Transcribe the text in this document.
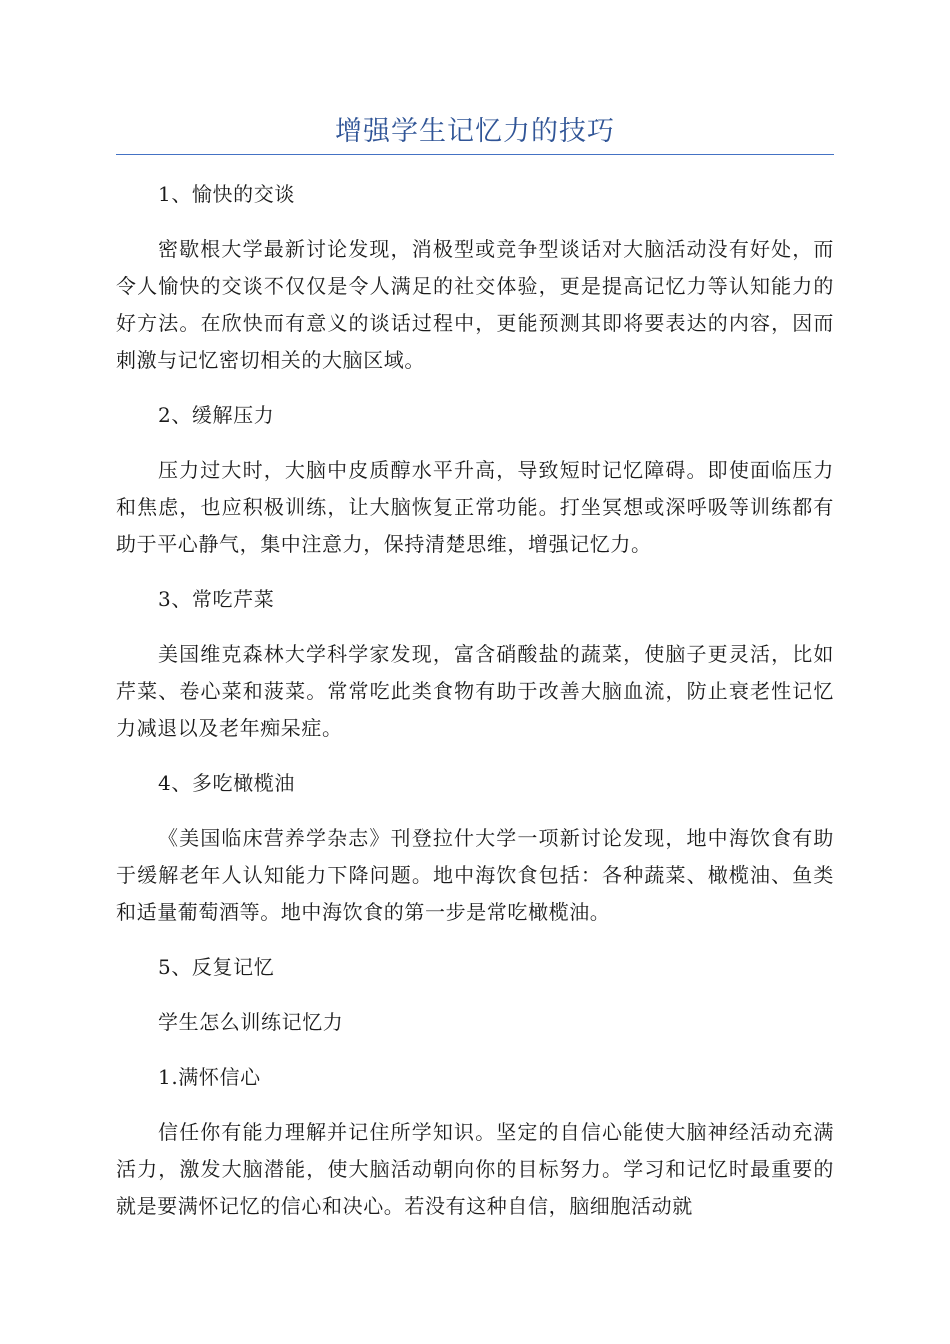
增强学生记忆力的技巧
1、愉快的交谈
密歇根大学最新讨论发现，消极型或竞争型谈话对大脑活动没有好处，而令人愉快的交谈不仅仅是令人满足的社交体验，更是提高记忆力等认知能力的好方法。在欣快而有意义的谈话过程中，更能预测其即将要表达的内容，因而刺激与记忆密切相关的大脑区域。
2、缓解压力
压力过大时，大脑中皮质醇水平升高，导致短时记忆障碍。即使面临压力和焦虑，也应积极训练，让大脑恢复正常功能。打坐冥想或深呼吸等训练都有助于平心静气，集中注意力，保持清楚思维，增强记忆力。
3、常吃芹菜
美国维克森林大学科学家发现，富含硝酸盐的蔬菜，使脑子更灵活，比如芹菜、卷心菜和菠菜。常常吃此类食物有助于改善大脑血流，防止衰老性记忆力减退以及老年痴呆症。
4、多吃橄榄油
《美国临床营养学杂志》刊登拉什大学一项新讨论发现，地中海饮食有助于缓解老年人认知能力下降问题。地中海饮食包括：各种蔬菜、橄榄油、鱼类和适量葡萄酒等。地中海饮食的第一步是常吃橄榄油。
5、反复记忆
学生怎么训练记忆力
1.满怀信心
信任你有能力理解并记住所学知识。坚定的自信心能使大脑神经活动充满活力，激发大脑潜能，使大脑活动朝向你的目标努力。学习和记忆时最重要的就是要满怀记忆的信心和决心。若没有这种自信，脑细胞活动就
